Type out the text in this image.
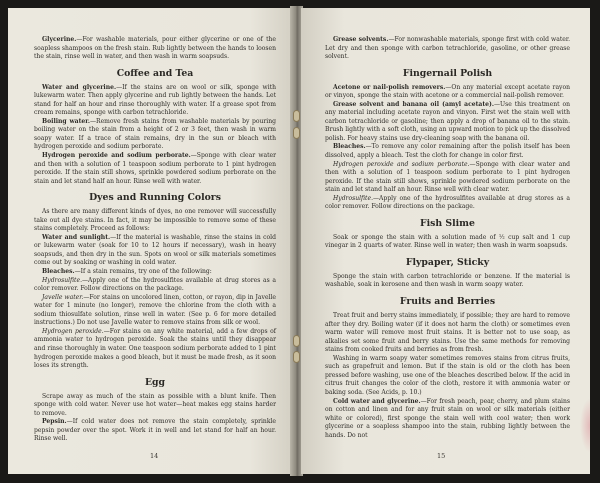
Glycerine.—For washable materials, pour either glycerine or one of the soapless shampoos on the fresh stain. Rub lightly between the hands to loosen the stain, rinse well in water, and then wash in warm soapsuds.

Coffee and Tea

Water and glycerine.—If the stains are on wool or silk, sponge with lukewarm water. Then apply glycerine and rub lightly between the hands. Let stand for half an hour and rinse thoroughly with water. If a grease spot from cream remains, sponge with carbon tetrachloride.

Boiling water.—Remove fresh stains from washable materials by pouring boiling water on the stain from a height of 2 or 3 feet, then wash in warm soapy water. If a trace of stain remains, dry in the sun or bleach with hydrogen peroxide and sodium perborate.

Hydrogen peroxide and sodium perborate.—Sponge with clear water and then with a solution of 1 teaspoon sodium perborate to 1 pint hydrogen peroxide. If the stain still shows, sprinkle powdered sodium perborate on the stain and let stand half an hour. Rinse well with water.

Dyes and Running Colors

As there are many different kinds of dyes, no one remover will successfully take out all dye stains. In fact, it may be impossible to remove some of these stains completely. Proceed as follows:

Water and sunlight.—If the material is washable, rinse the stains in cold or lukewarm water (soak for 10 to 12 hours if necessary), wash in heavy soapsuds, and then dry in the sun. Spots on wool or silk materials sometimes come out by soaking or washing in cold water.

Bleaches.—If a stain remains, try one of the following:

Hydrosulfite.—Apply one of the hydrosulfites available at drug stores as a color remover. Follow directions on the package.

Javelle water.—For stains on uncolored linen, cotton, or rayon, dip in Javelle water for 1 minute (no longer), remove the chlorine from the cloth with a sodium thiosulfate solution, rinse well in water. (See p. 6 for more detailed instructions.) Do not use Javelle water to remove stains from silk or wool.

Hydrogen peroxide.—For stains on any white material, add a few drops of ammonia water to hydrogen peroxide. Soak the stains until they disappear and rinse thoroughly in water. One teaspoon sodium perborate added to 1 pint hydrogen peroxide makes a good bleach, but it must be made fresh, as it soon loses its strength.

Egg

Scrape away as much of the stain as possible with a blunt knife. Then sponge with cold water. Never use hot water—heat makes egg stains harder to remove.

Pepsin.—If cold water does not remove the stain completely, sprinkle pepsin powder over the spot. Work it in well and let stand for half an hour. Rinse well.

14

Grease solvents.—For nonwashable materials, sponge first with cold water. Let dry and then sponge with carbon tetrachloride, gasoline, or other grease solvent.

Fingernail Polish

Acetone or nail-polish removers.—On any material except acetate rayon or vinyon, sponge the stain with acetone or a commercial nail-polish remover.

Grease solvent and banana oil (amyl acetate).—Use this treatment on any material including acetate rayon and vinyon. First wet the stain well with carbon tetrachloride or gasoline; then apply a drop of banana oil to the stain. Brush lightly with a soft cloth, using an upward motion to pick up the dissolved polish. For heavy stains use dry-cleaning soap with the banana oil.

Bleaches.—To remove any color remaining after the polish itself has been dissolved, apply a bleach. Test the cloth for change in color first.

Hydrogen peroxide and sodium perborate.—Sponge with clear water and then with a solution of 1 teaspoon sodium perborate to 1 pint hydrogen peroxide. If the stain still shows, sprinkle powdered sodium perborate on the stain and let stand half an hour. Rinse well with clear water.

Hydrosulfite.—Apply one of the hydrosulfites available at drug stores as a color remover. Follow directions on the package.

Fish Slime

Soak or sponge the stain with a solution made of ½ cup salt and 1 cup vinegar in 2 quarts of water. Rinse well in water; then wash in warm soapsuds.

Flypaper, Sticky

Sponge the stain with carbon tetrachloride or benzene. If the material is washable, soak in kerosene and then wash in warm soapy water.

Fruits and Berries

Treat fruit and berry stains immediately, if possible; they are hard to remove after they dry. Boiling water (if it does not harm the cloth) or sometimes even warm water will remove most fruit stains. It is better not to use soap, as alkalies set some fruit and berry stains. Use the same methods for removing stains from cooked fruits and berries as from fresh.

Washing in warm soapy water sometimes removes stains from citrus fruits, such as grapefruit and lemon. But if the stain is old or the cloth has been pressed before washing, use one of the bleaches described below. If the acid in citrus fruit changes the color of the cloth, restore it with ammonia water or baking soda. (See Acids, p. 10.)

Cold water and glycerine.—For fresh peach, pear, cherry, and plum stains on cotton and linen and for any fruit stain on wool or silk materials (either white or colored), first sponge the stain well with cool water; then work glycerine or a soapless shampoo into the stain, rubbing lightly between the hands. Do not

15
